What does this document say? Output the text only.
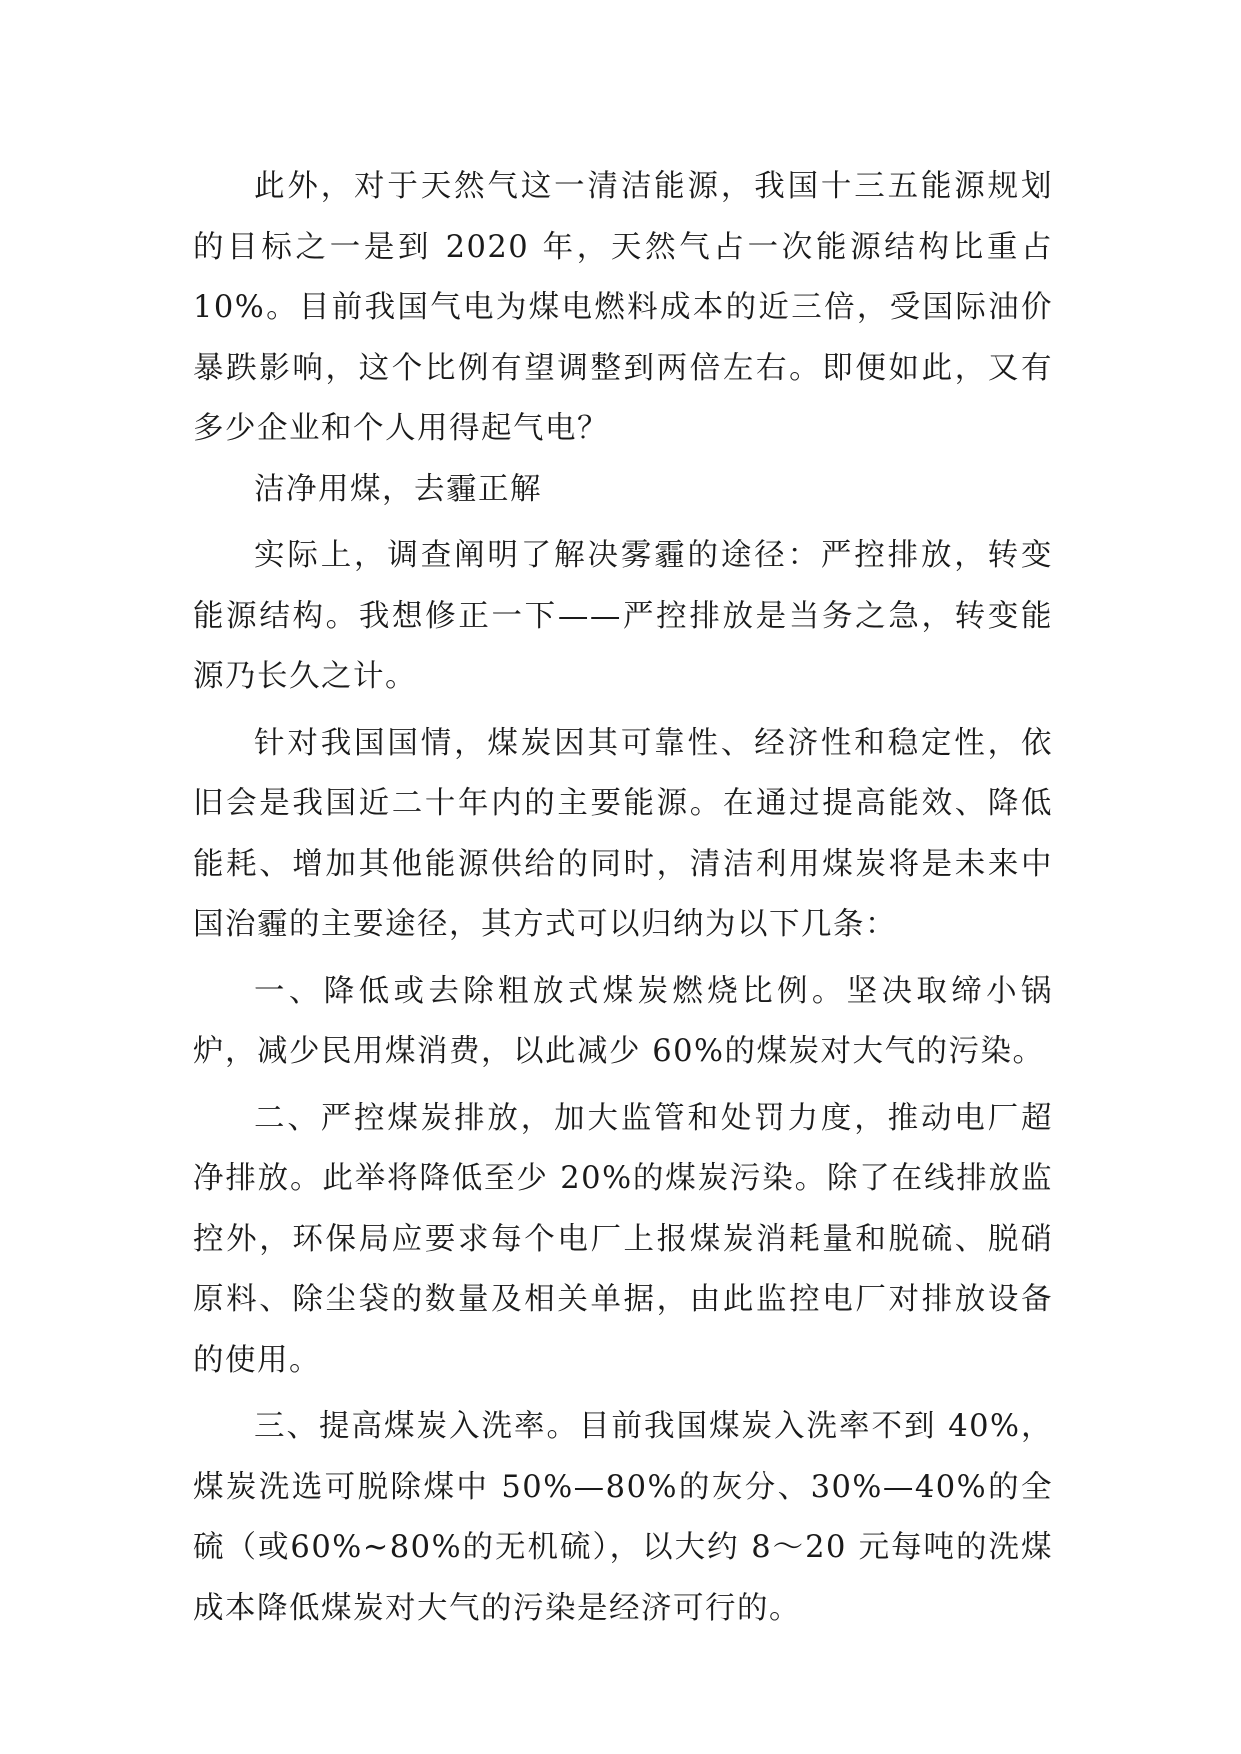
此外，对于天然气这一清洁能源，我国十三五能源规划的目标之一是到 2020 年，天然气占一次能源结构比重占 10%。目前我国气电为煤电燃料成本的近三倍，受国际油价暴跌影响，这个比例有望调整到两倍左右。即便如此，又有多少企业和个人用得起气电？

洁净用煤，去霾正解

实际上，调查阐明了解决雾霾的途径：严控排放，转变能源结构。我想修正一下——严控排放是当务之急，转变能源乃长久之计。

针对我国国情，煤炭因其可靠性、经济性和稳定性，依旧会是我国近二十年内的主要能源。在通过提高能效、降低能耗、增加其他能源供给的同时，清洁利用煤炭将是未来中国治霾的主要途径，其方式可以归纳为以下几条：

一、降低或去除粗放式煤炭燃烧比例。坚决取缔小锅炉，减少民用煤消费，以此减少 60%的煤炭对大气的污染。

二、严控煤炭排放，加大监管和处罚力度，推动电厂超净排放。此举将降低至少 20%的煤炭污染。除了在线排放监控外，环保局应要求每个电厂上报煤炭消耗量和脱硫、脱硝原料、除尘袋的数量及相关单据，由此监控电厂对排放设备的使用。

三、提高煤炭入洗率。目前我国煤炭入洗率不到 40%，煤炭洗选可脱除煤中 50%—80%的灰分、30%—40%的全硫（或60%~80%的无机硫），以大约 8～20 元每吨的洗煤成本降低煤炭对大气的污染是经济可行的。
